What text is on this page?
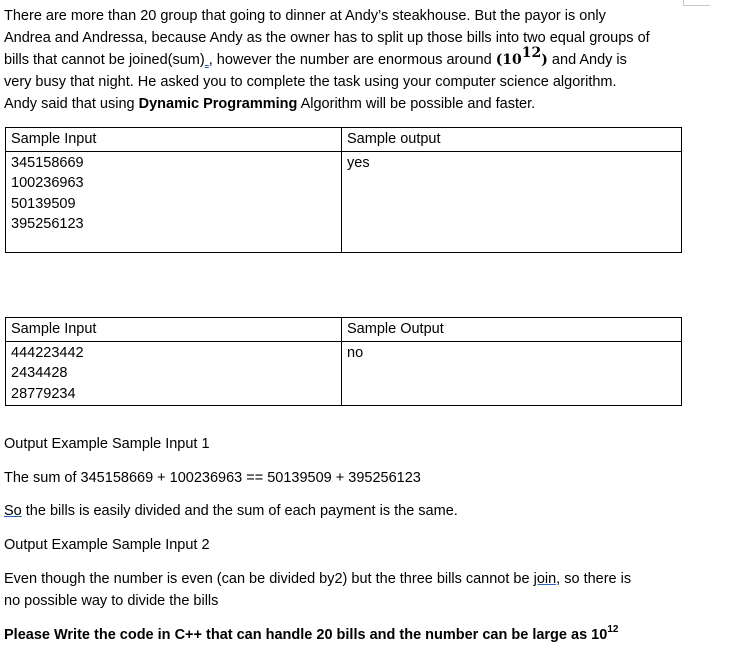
There are more than 20 group that going to dinner at Andy’s steakhouse. But the payor is only
Andrea and Andressa, because Andy as the owner has to split up those bills into two equal groups of
bills that cannot be joined(sum) , however the number are enormous around $(10^{12})$ and Andy is
very busy that night. He asked you to complete the task using your computer science algorithm.
Andy said that using Dynamic Programming Algorithm will be possible and faster.

Sample Input	Sample output

345158669
100236963
50139509
395256123	yes
Sample Input	Sample Output

444223442
2434428
28779234	no

Output Example Sample Input 1

The sum of 345158669 + 100236963 == 50139509 + 395256123

So the bills is easily divided and the sum of each payment is the same.

Output Example Sample Input 2

Even though the number is even (can be divided by2) but the three bills cannot be join, so there is
no possible way to divide the bills

Please Write the code in C++ that can handle 20 bills and the number can be large as $10^{12}$
